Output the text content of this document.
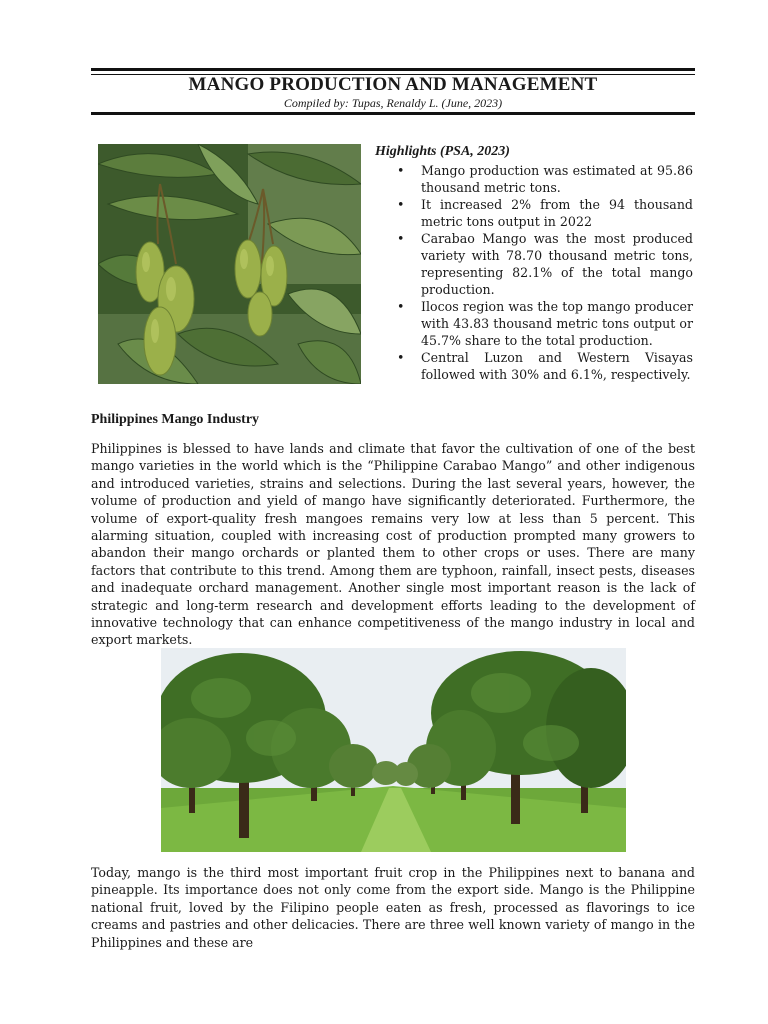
MANGO PRODUCTION AND MANAGEMENT
Compiled by: Tupas, Renaldy L. (June, 2023)
Highlights (PSA, 2023)
• Mango production was estimated at 95.86 thousand metric tons.
• It increased 2% from the 94 thousand metric tons output in 2022
• Carabao Mango was the most produced variety with 78.70 thousand metric tons, representing 82.1% of the total mango production.
• Ilocos region was the top mango producer with 43.83 thousand metric tons output or 45.7% share to the total production.
• Central Luzon and Western Visayas followed with 30% and 6.1%, respectively.
Philippines Mango Industry
Philippines is blessed to have lands and climate that favor the cultivation of one of the best mango varieties in the world which is the “Philippine Carabao Mango” and other indigenous and introduced varieties, strains and selections. During the last several years, however, the volume of production and yield of mango have significantly deteriorated. Furthermore, the volume of export-quality fresh mangoes remains very low at less than 5 percent. This alarming situation, coupled with increasing cost of production prompted many growers to abandon their mango orchards or planted them to other crops or uses. There are many factors that contribute to this trend. Among them are typhoon, rainfall, insect pests, diseases and inadequate orchard management. Another single most important reason is the lack of strategic and long-term research and development efforts leading to the development of innovative technology that can enhance competitiveness of the mango industry in local and export markets.
Today, mango is the third most important fruit crop in the Philippines next to banana and pineapple. Its importance does not only come from the export side. Mango is the Philippine national fruit, loved by the Filipino people eaten as fresh, processed as flavorings to ice creams and pastries and other delicacies. There are three well known variety of mango in the Philippines and these are
